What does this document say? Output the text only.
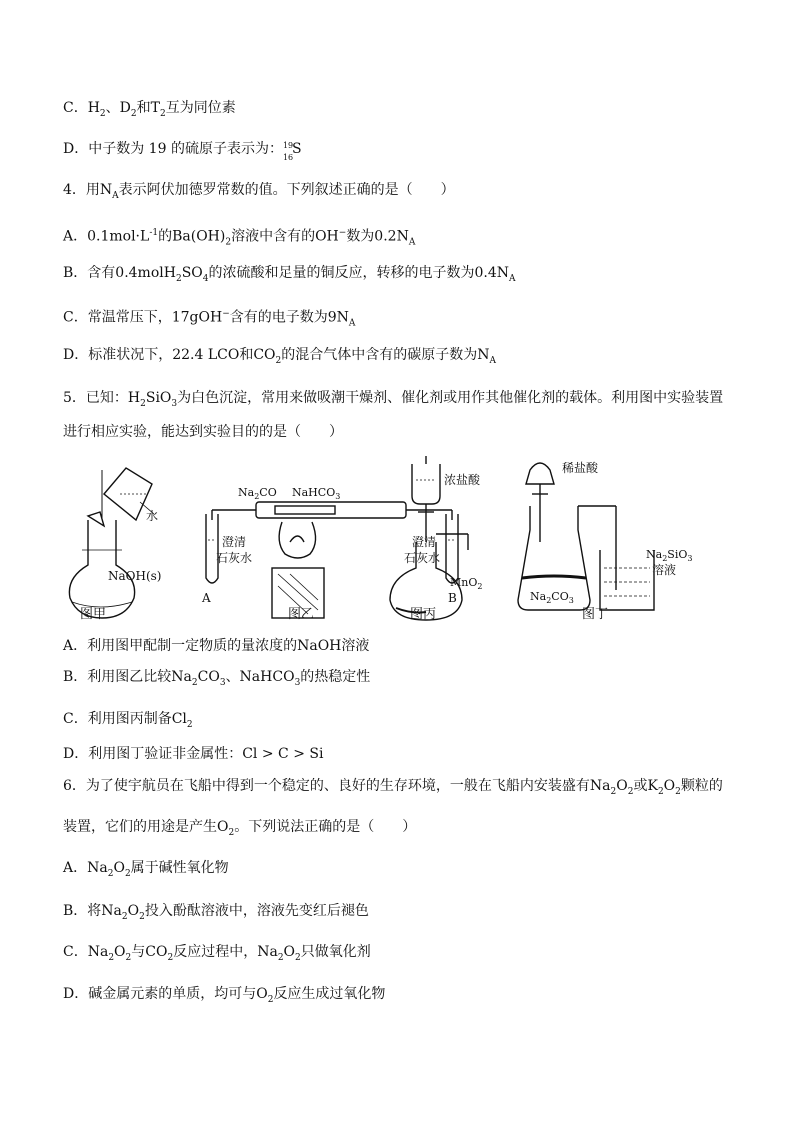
C．$H_2$、$D_2$和$T_2$互为同位素
D．中子数为 19 的硫原子表示为： 19
16
S
4．用$N_A$表示阿伏加德罗常数的值。下列叙述正确的是（　　）
A．$0.1mol\cdot L^{-1}$的$Ba(OH)_2$溶液中含有的OH−数为$0.2N_A$
B．含有$0.4molH_2SO_4$的浓硫酸和足量的铜反应，转移的电子数为$0.4N_A$
C．常温常压下，17gOH−含有的电子数为$9N_A$
D．标准状况下，22.4 LCO和$CO_2$的混合气体中含有的碳原子数为$N_A$
5．已知：$H_2SiO_3$为白色沉淀，常用来做吸潮干燥剂、催化剂或用作其他催化剂的载体。利用图中实验装置
进行相应实验，能达到实验目的的是（　　）
水
NaOH(s)
图甲
$Na_2CO$ NaHCO$_3$
澄清
石灰水
澄清
石灰水
A	B
图乙
浓盐酸
MnO$_2$
图丙
稀盐酸
$Na_2SiO_3$
溶液
$Na_2CO_3$
图丁
A．利用图甲配制一定物质的量浓度的NaOH溶液
B．利用图乙比较$Na_2CO_3$、NaHCO$_3$的热稳定性
C．利用图丙制备$Cl_2$
D．利用图丁验证非金属性：Cl > C > Si
6．为了使宇航员在飞船中得到一个稳定的、良好的生存环境，一般在飞船内安装盛有$Na_2O_2$或$K_2O_2$颗粒的
装置，它们的用途是产生$O_2$。下列说法正确的是（　　）
A．$Na_2O_2$属于碱性氧化物
B．将$Na_2O_2$投入酚酞溶液中，溶液先变红后褪色
C．$Na_2O_2$与$CO_2$反应过程中，$Na_2O_2$只做氧化剂
D．碱金属元素的单质，均可与$O_2$反应生成过氧化物
